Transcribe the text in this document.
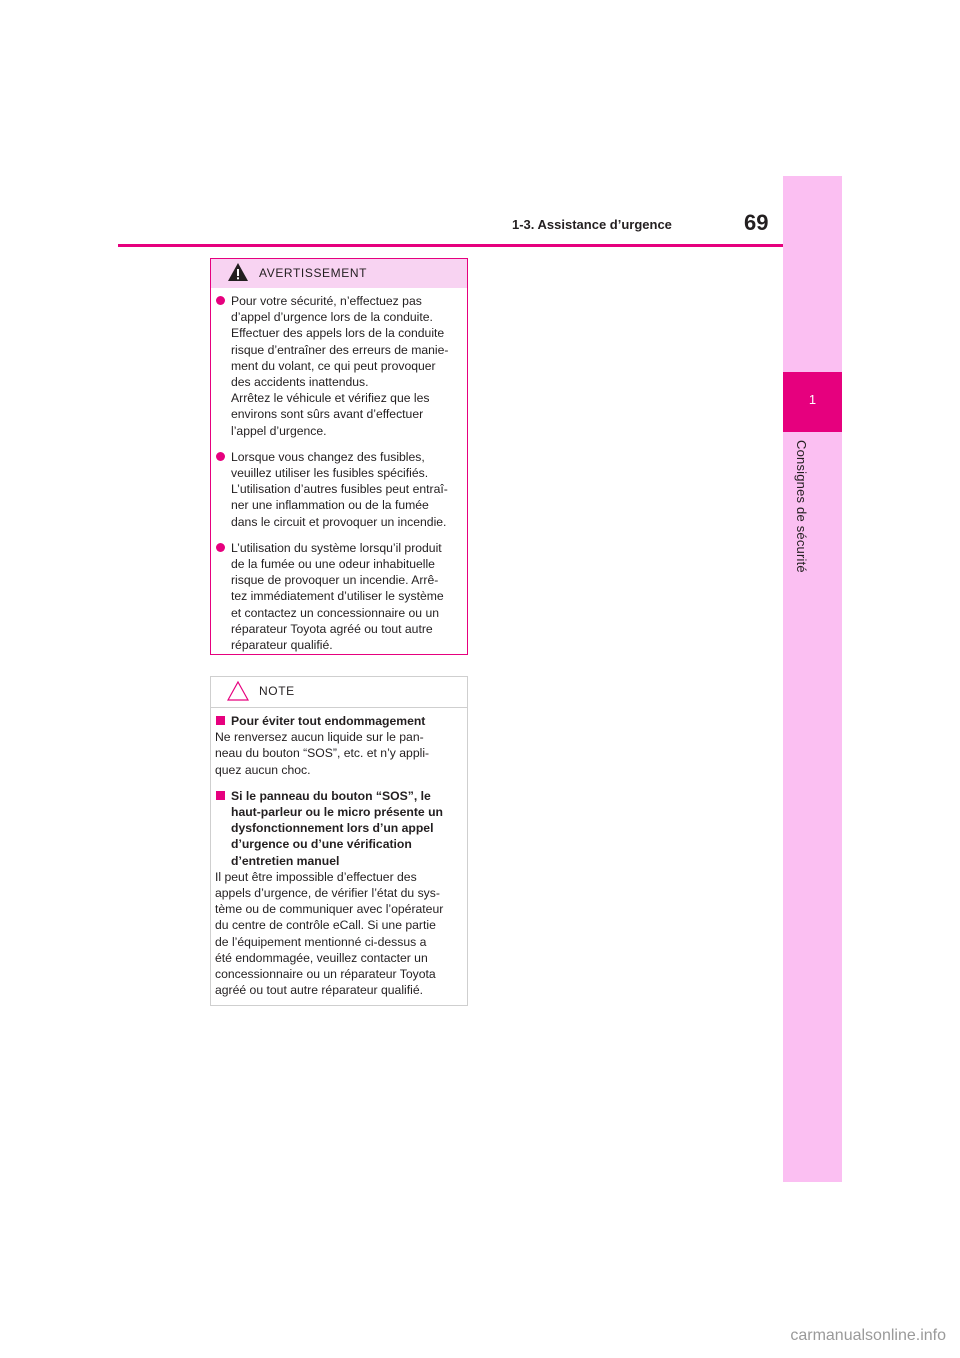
1
Consignes de sécurité
1-3. Assistance d’urgence	69
AVERTISSEMENT
Pour votre sécurité, n’effectuez pas
d’appel d’urgence lors de la conduite.
Effectuer des appels lors de la conduite
risque d’entraîner des erreurs de manie-
ment du volant, ce qui peut provoquer
des accidents inattendus.
Arrêtez le véhicule et vérifiez que les
environs sont sûrs avant d’effectuer
l’appel d’urgence.
Lorsque vous changez des fusibles,
veuillez utiliser les fusibles spécifiés.
L’utilisation d’autres fusibles peut entraî-
ner une inflammation ou de la fumée
dans le circuit et provoquer un incendie.
L’utilisation du système lorsqu’il produit
de la fumée ou une odeur inhabituelle
risque de provoquer un incendie. Arrê-
tez immédiatement d’utiliser le système
et contactez un concessionnaire ou un
réparateur Toyota agréé ou tout autre
réparateur qualifié.
NOTE
Pour éviter tout endommagement
Ne renversez aucun liquide sur le pan-
neau du bouton “SOS”, etc. et n’y appli-
quez aucun choc.
Si le panneau du bouton “SOS”, le
haut-parleur ou le micro présente un
dysfonctionnement lors d’un appel
d’urgence ou d’une vérification
d’entretien manuel
Il peut être impossible d’effectuer des
appels d’urgence, de vérifier l’état du sys-
tème ou de communiquer avec l’opérateur
du centre de contrôle eCall. Si une partie
de l’équipement mentionné ci-dessus a
été endommagée, veuillez contacter un
concessionnaire ou un réparateur Toyota
agréé ou tout autre réparateur qualifié.
carmanualsonline.info
